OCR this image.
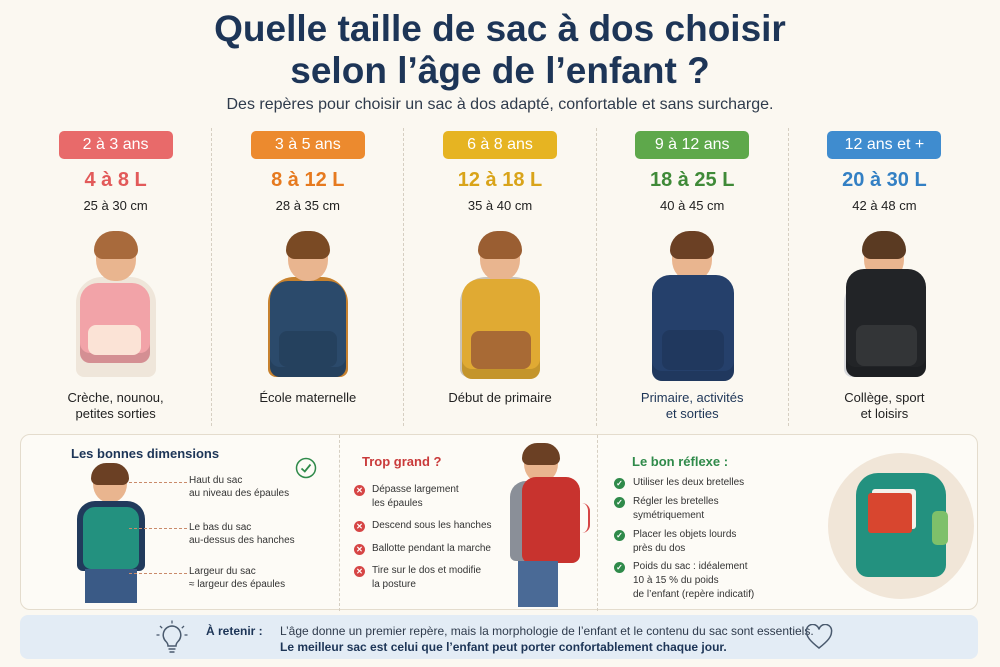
Quelle taille de sac à dos choisir
selon l’âge de l’enfant ?
Des repères pour choisir un sac à dos adapté, confortable et sans surcharge.
2 à 3 ans
4 à 8 L
25 à 30 cm
Crèche, nounou,
petites sorties
3 à 5 ans
8 à 12 L
28 à 35 cm
École maternelle
6 à 8 ans
12 à 18 L
35 à 40 cm
Début de primaire
9 à 12 ans
18 à 25 L
40 à 45 cm
Primaire, activités
et sorties
12 ans et +
20 à 30 L
42 à 48 cm
Collège, sport
et loisirs
Les bonnes dimensions
Haut du sac
au niveau des épaules
Le bas du sac
au-dessus des hanches
Largeur du sac
≈ largeur des épaules
Trop grand ?
✕ Dépasse largement
les épaules
✕ Descend sous les hanches
✕ Ballotte pendant la marche
✕ Tire sur le dos et modifie
la posture
Le bon réflexe :
✓ Utiliser les deux bretelles
✓ Régler les bretelles
symétriquement
✓ Placer les objets lourds
près du dos
✓ Poids du sac : idéalement
10 à 15 % du poids
de l’enfant (repère indicatif)
À retenir : L’âge donne un premier repère, mais la morphologie de l’enfant et le contenu du sac sont essentiels.
Le meilleur sac est celui que l’enfant peut porter confortablement chaque jour.
